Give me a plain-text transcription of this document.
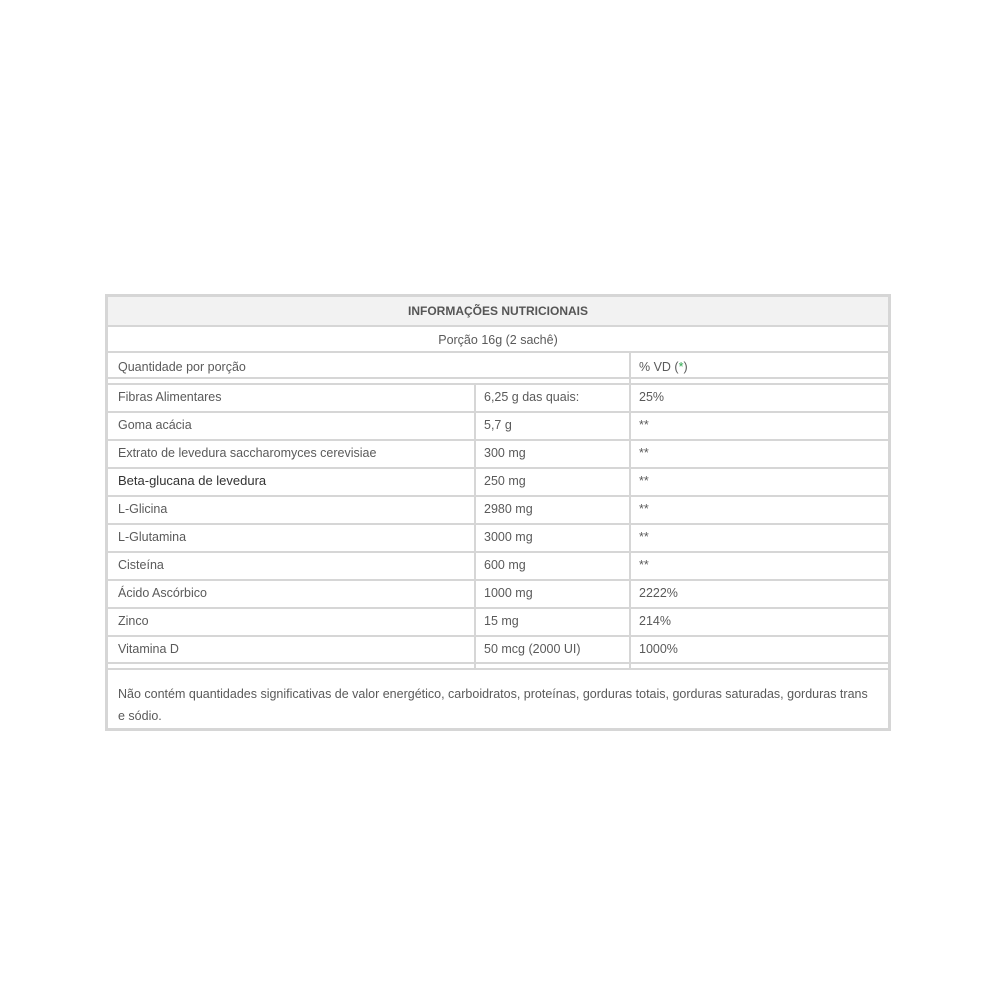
INFORMAÇÕES NUTRICIONAIS
Porção 16g (2 sachê)
Quantidade por porção	% VD (*)
Fibras Alimentares	6,25 g das quais:	25%
Goma acácia	5,7 g	**
Extrato de levedura saccharomyces cerevisiae	300 mg	**
Beta-glucana de levedura	250 mg	**
L-Glicina	2980 mg	**
L-Glutamina	3000 mg	**
Cisteína	600 mg	**
Ácido Ascórbico	1000 mg	2222%
Zinco	15 mg	214%
Vitamina D	50 mcg (2000 UI)	1000%
Não contém quantidades significativas de valor energético, carboidratos, proteínas, gorduras totais, gorduras saturadas, gorduras trans e sódio.
